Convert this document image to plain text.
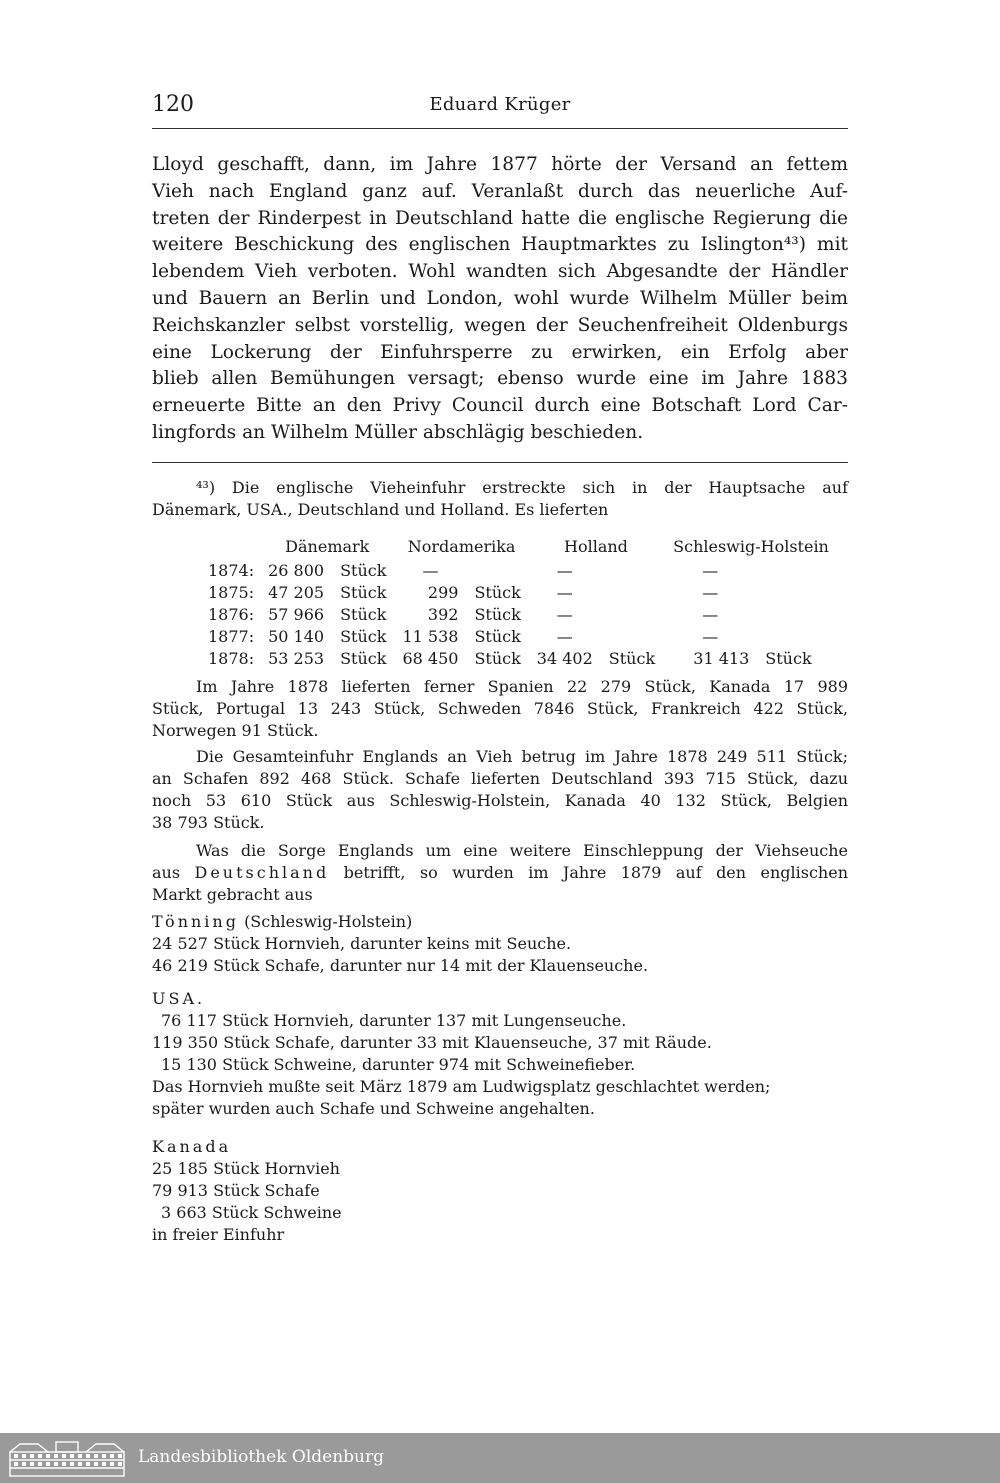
120	Eduard Krüger
Lloyd geschafft, dann, im Jahre 1877 hörte der Versand an fettem
Vieh nach England ganz auf. Veranlaßt durch das neuerliche Auf-
treten der Rinderpest in Deutschland hatte die englische Regierung die
weitere Beschickung des englischen Hauptmarktes zu Islington⁴³) mit
lebendem Vieh verboten. Wohl wandten sich Abgesandte der Händler
und Bauern an Berlin und London, wohl wurde Wilhelm Müller beim
Reichskanzler selbst vorstellig, wegen der Seuchenfreiheit Oldenburgs
eine Lockerung der Einfuhrsperre zu erwirken, ein Erfolg aber
blieb allen Bemühungen versagt; ebenso wurde eine im Jahre 1883
erneuerte Bitte an den Privy Council durch eine Botschaft Lord Car-
lingfords an Wilhelm Müller abschlägig beschieden.
⁴³) Die englische Vieheinfuhr erstreckte sich in der Hauptsache auf
Dänemark, USA., Deutschland und Holland. Es lieferten
	Dänemark		Nordamerika		Holland		Schleswig-Holstein	
1874:	26 800	Stück	—		—		—	
1875:	47 205	Stück	299	Stück	—		—	
1876:	57 966	Stück	392	Stück	—		—	
1877:	50 140	Stück	11 538	Stück	—		—	
1878:	53 253	Stück	68 450	Stück	34 402	Stück	31 413	Stück
Im Jahre 1878 lieferten ferner Spanien 22 279 Stück, Kanada 17 989
Stück, Portugal 13 243 Stück, Schweden 7846 Stück, Frankreich 422 Stück,
Norwegen 91 Stück.
Die Gesamteinfuhr Englands an Vieh betrug im Jahre 1878 249 511 Stück;
an Schafen 892 468 Stück. Schafe lieferten Deutschland 393 715 Stück, dazu
noch 53 610 Stück aus Schleswig-Holstein, Kanada 40 132 Stück, Belgien
38 793 Stück.
Was die Sorge Englands um eine weitere Einschleppung der Viehseuche
aus Deutschland betrifft, so wurden im Jahre 1879 auf den englischen
Markt gebracht aus
Tönning (Schleswig-Holstein)
24 527 Stück Hornvieh, darunter keins mit Seuche.
46 219 Stück Schafe, darunter nur 14 mit der Klauenseuche.
USA.
76 117 Stück Hornvieh, darunter 137 mit Lungenseuche.
119 350 Stück Schafe, darunter 33 mit Klauenseuche, 37 mit Räude.
15 130 Stück Schweine, darunter 974 mit Schweinefieber.
Das Hornvieh mußte seit März 1879 am Ludwigsplatz geschlachtet werden;
später wurden auch Schafe und Schweine angehalten.
Kanada
25 185 Stück Hornvieh
79 913 Stück Schafe
3 663 Stück Schweine
in freier Einfuhr
Landesbibliothek Oldenburg
